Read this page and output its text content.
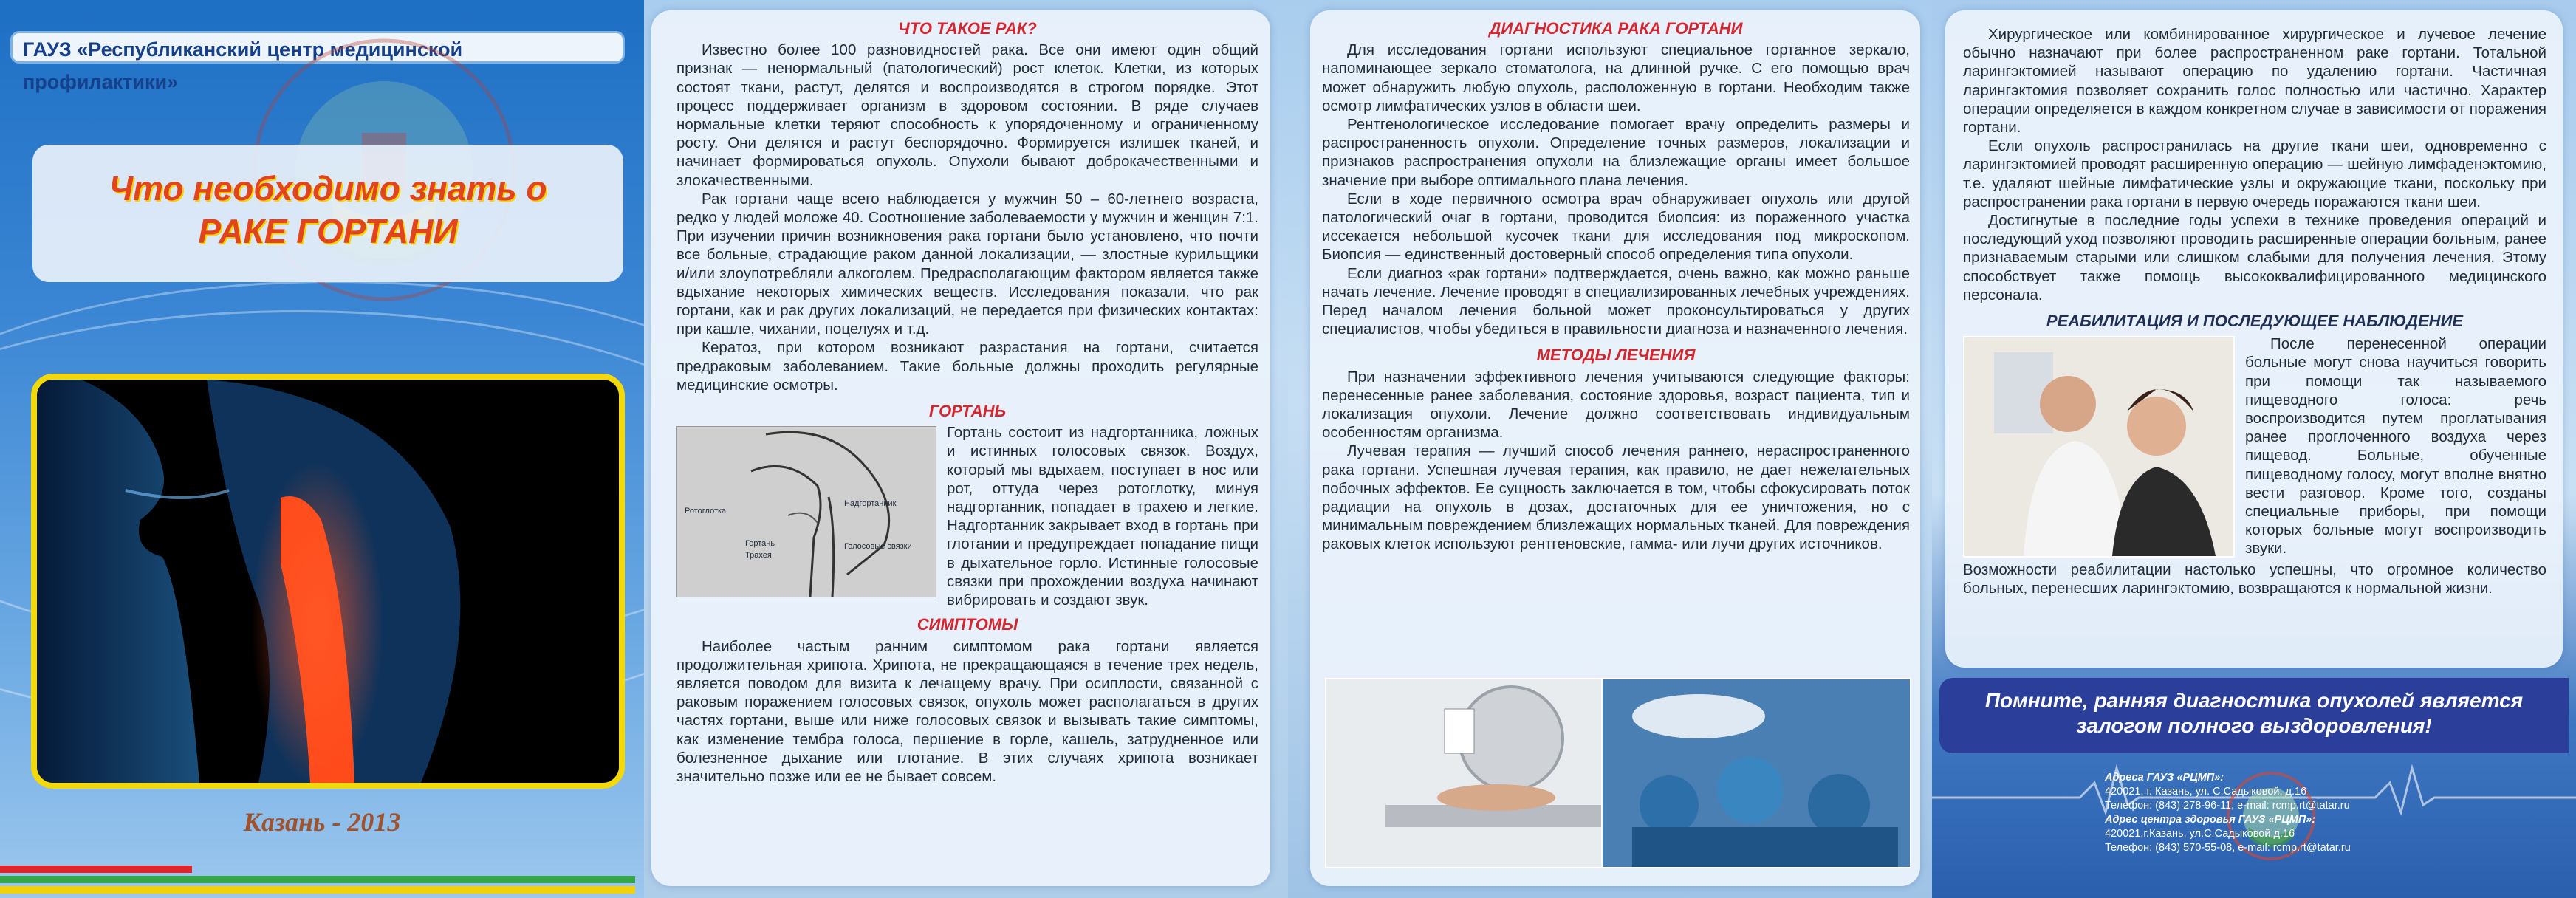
ГАУЗ «Республиканский центр медицинской профилактики»
Что необходимо знать о
РАКЕ ГОРТАНИ
Казань - 2013
ЧТО ТАКОЕ РАК?

Известно более 100 разновидностей рака. Все они имеют один общий признак — ненормальный (патологический) рост клеток. Клетки, из которых состоят ткани, растут, делятся и воспроизводятся в строгом порядке. Этот процесс поддерживает организм в здоровом состоянии. В ряде случаев нормальные клетки теряют способность к упорядоченному и ограниченному росту. Они делятся и растут беспорядочно. Формируется излишек тканей, и начинает формироваться опухоль. Опухоли бывают доброкачественными и злокачественными.

Рак гортани чаще всего наблюдается у мужчин 50 – 60-летнего возраста, редко у людей моложе 40. Соотношение заболеваемости у мужчин и женщин 7:1. При изучении причин возникновения рака гортани было установлено, что почти все больные, страдающие раком данной локализации, — злостные курильщики и/или злоупотребляли алкоголем. Предрасполагающим фактором является также вдыхание некоторых химических веществ. Исследования показали, что рак гортани, как и рак других локализаций, не передается при физических контактах: при кашле, чихании, поцелуях и т.д.

Кератоз, при котором возникают разрастания на гортани, считается предраковым заболеванием. Такие больные должны проходить регулярные медицинские осмотры.

ГОРТАНЬ
Ротоглотка
Надгортанник
Гортань
Трахея
Голосовые связки

Гортань состоит из надгортанника, ложных и истинных голосовых связок. Воздух, который мы вдыхаем, поступает в нос или рот, оттуда через ротоглотку, минуя надгортанник, попадает в трахею и легкие. Надгортанник закрывает вход в гортань при глотании и предупреждает попадание пищи в дыхательное горло. Истинные голосовые связки при прохождении воздуха начинают вибрировать и создают звук.

СИМПТОМЫ

Наиболее частым ранним симптомом рака гортани является продолжительная хрипота. Хрипота, не прекращающаяся в течение трех недель, является поводом для визита к лечащему врачу. При осиплости, связанной с раковым поражением голосовых связок, опухоль может располагаться в других частях гортани, выше или ниже голосовых связок и вызывать такие симптомы, как изменение тембра голоса, першение в горле, кашель, затрудненное или болезненное дыхание или глотание. В этих случаях хрипота возникает значительно позже или ее не бывает совсем.

ДИАГНОСТИКА РАКА ГОРТАНИ

Для исследования гортани используют специальное гортанное зеркало, напоминающее зеркало стоматолога, на длинной ручке. С его помощью врач может обнаружить любую опухоль, расположенную в гортани. Необходим также осмотр лимфатических узлов в области шеи.

Рентгенологическое исследование помогает врачу определить размеры и распространенность опухоли. Определение точных размеров, локализации и признаков распространения опухоли на близлежащие органы имеет большое значение при выборе оптимального плана лечения.

Если в ходе первичного осмотра врач обнаруживает опухоль или другой патологический очаг в гортани, проводится биопсия: из пораженного участка иссекается небольшой кусочек ткани для исследования под микроскопом. Биопсия — единственный достоверный способ определения типа опухоли.

Если диагноз «рак гортани» подтверждается, очень важно, как можно раньше начать лечение. Лечение проводят в специализированных лечебных учреждениях. Перед началом лечения больной может проконсультироваться у других специалистов, чтобы убедиться в правильности диагноза и назначенного лечения.

МЕТОДЫ ЛЕЧЕНИЯ

При назначении эффективного лечения учитываются следующие факторы: перенесенные ранее заболевания, состояние здоровья, возраст пациента, тип и локализация опухоли. Лечение должно соответствовать индивидуальным особенностям организма.

Лучевая терапия — лучший способ лечения раннего, нераспространенного рака гортани. Успешная лучевая терапия, как правило, не дает нежелательных побочных эффектов. Ее сущность заключается в том, чтобы сфокусировать поток радиации на опухоль в дозах, достаточных для ее уничтожения, но с минимальным повреждением близлежащих нормальных тканей. Для повреждения раковых клеток используют рентгеновские, гамма- или лучи других источников.

Хирургическое или комбинированное хирургическое и лучевое лечение обычно назначают при более распространенном раке гортани. Тотальной ларингэктомией называют операцию по удалению гортани. Частичная ларингэктомия позволяет сохранить голос полностью или частично. Характер операции определяется в каждом конкретном случае в зависимости от поражения гортани.

Если опухоль распространилась на другие ткани шеи, одновременно с ларингэктомией проводят расширенную операцию — шейную лимфаденэктомию, т.е. удаляют шейные лимфатические узлы и окружающие ткани, поскольку при распространении рака гортани в первую очередь поражаются ткани шеи.

Достигнутые в последние годы успехи в технике проведения операций и последующий уход позволяют проводить расширенные операции больным, ранее признаваемым старыми или слишком слабыми для получения лечения. Этому способствует также помощь высококвалифицированного медицинского персонала.

РЕАБИЛИТАЦИЯ И ПОСЛЕДУЮЩЕЕ НАБЛЮДЕНИЕ

После перенесенной операции больные могут снова научиться говорить при помощи так называемого пищеводного голоса: речь воспроизводится путем проглатывания ранее проглоченного воздуха через пищевод. Больные, обученные пищеводному голосу, могут вполне внятно вести разговор. Кроме того, созданы специальные приборы, при помощи которых больные могут воспроизводить звуки.

Возможности реабилитации настолько успешны, что огромное количество больных, перенесших ларингэктомию, возвращаются к нормальной жизни.

Помните, ранняя диагностика опухолей является залогом полного выздоровления!
Адреса ГАУЗ «РЦМП»:
420021, г. Казань, ул. С.Садыковой, д.16
Телефон: (843) 278-96-11, e-mail: rcmp.rt@tatar.ru
Адрес центра здоровья ГАУЗ «РЦМП»:
420021,г.Казань, ул.С.Садыковой,д.16
Телефон: (843) 570-55-08, e-mail: rcmp.rt@tatar.ru
